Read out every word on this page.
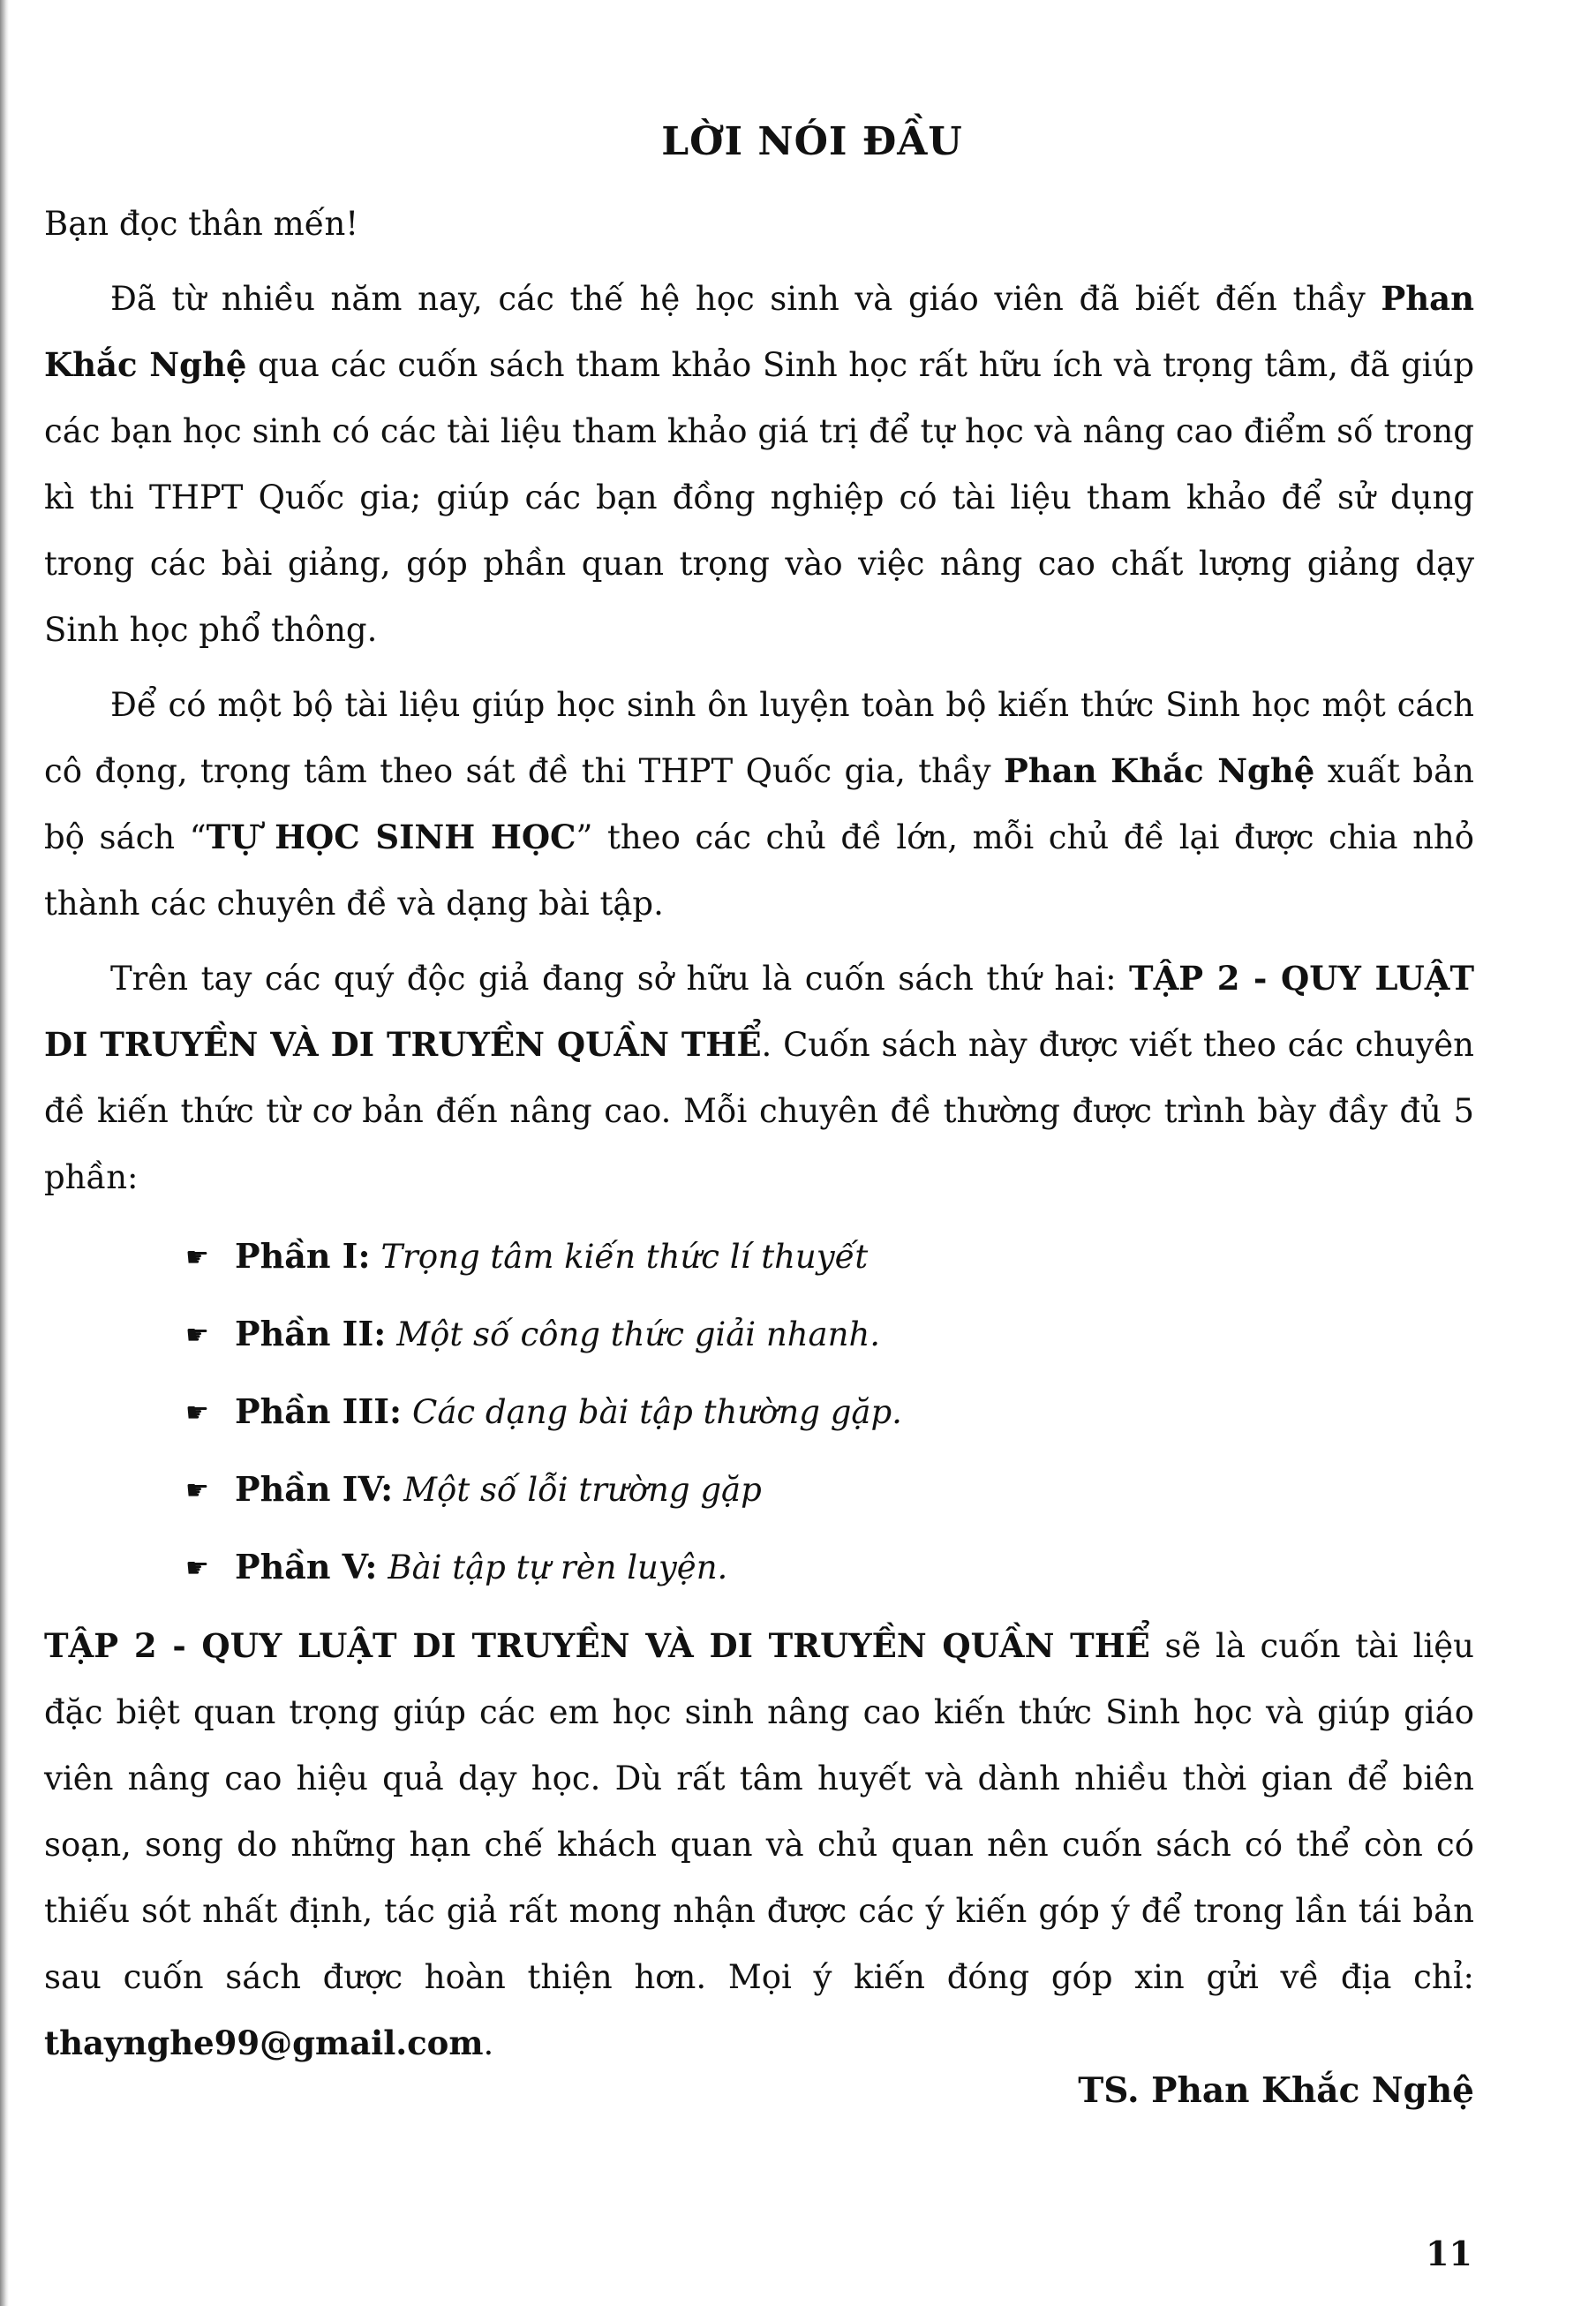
LỜI NÓI ĐẦU

Bạn đọc thân mến!

Đã từ nhiều năm nay, các thế hệ học sinh và giáo viên đã biết đến thầy Phan Khắc Nghệ qua các cuốn sách tham khảo Sinh học rất hữu ích và trọng tâm, đã giúp các bạn học sinh có các tài liệu tham khảo giá trị để tự học và nâng cao điểm số trong kì thi THPT Quốc gia; giúp các bạn đồng nghiệp có tài liệu tham khảo để sử dụng trong các bài giảng, góp phần quan trọng vào việc nâng cao chất lượng giảng dạy Sinh học phổ thông.

Để có một bộ tài liệu giúp học sinh ôn luyện toàn bộ kiến thức Sinh học một cách cô đọng, trọng tâm theo sát đề thi THPT Quốc gia, thầy Phan Khắc Nghệ xuất bản bộ sách “TỰ HỌC SINH HỌC” theo các chủ đề lớn, mỗi chủ đề lại được chia nhỏ thành các chuyên đề và dạng bài tập.

Trên tay các quý độc giả đang sở hữu là cuốn sách thứ hai: TẬP 2 - QUY LUẬT DI TRUYỀN VÀ DI TRUYỀN QUẦN THỂ. Cuốn sách này được viết theo các chuyên đề kiến thức từ cơ bản đến nâng cao. Mỗi chuyên đề thường được trình bày đầy đủ 5 phần:

☛ Phần I: Trọng tâm kiến thức lí thuyết
☛ Phần II: Một số công thức giải nhanh.
☛ Phần III: Các dạng bài tập thường gặp.
☛ Phần IV: Một số lỗi trường gặp
☛ Phần V: Bài tập tự rèn luyện.

TẬP 2 - QUY LUẬT DI TRUYỀN VÀ DI TRUYỀN QUẦN THỂ sẽ là cuốn tài liệu đặc biệt quan trọng giúp các em học sinh nâng cao kiến thức Sinh học và giúp giáo viên nâng cao hiệu quả dạy học. Dù rất tâm huyết và dành nhiều thời gian để biên soạn, song do những hạn chế khách quan và chủ quan nên cuốn sách có thể còn có thiếu sót nhất định, tác giả rất mong nhận được các ý kiến góp ý để trong lần tái bản sau cuốn sách được hoàn thiện hơn. Mọi ý kiến đóng góp xin gửi về địa chỉ: thaynghe99@gmail.com.

TS. Phan Khắc Nghệ
11
